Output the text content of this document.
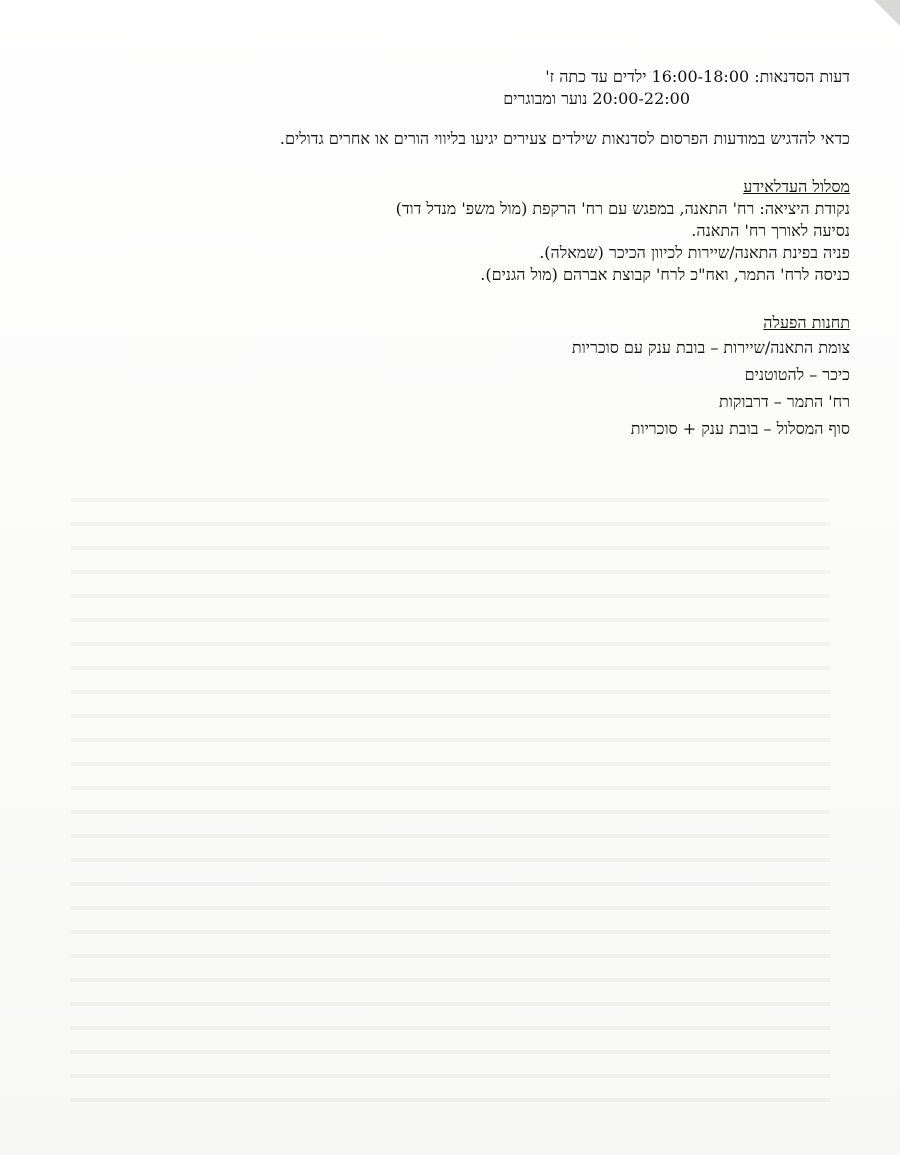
דעות הסדנאות: 16:00-18:00 ילדים עד כתה ז'
20:00-22:00 נוער ומבוגרים
כדאי להדגיש במודעות הפרסום לסדנאות שילדים צעירים יגיעו בליווי הורים או אחרים גדולים.
מסלול העדלאידע
נקודת היציאה: רח' התאנה, במפגש עם רח' הרקפת (מול משפ' מנדל דוד)
נסיעה לאורך רח' התאנה.
פניה בפינת התאנה/שיירות לכיוון הכיכר (שמאלה).
כניסה לרח' התמר, ואח"כ לרח' קבוצת אברהם (מול הגנים).
תחנות הפעלה
צומת התאנה/שיירות – בובת ענק עם סוכריות
כיכר – להטוטנים
רח' התמר – דרבוקות
סוף המסלול – בובת ענק + סוכריות
